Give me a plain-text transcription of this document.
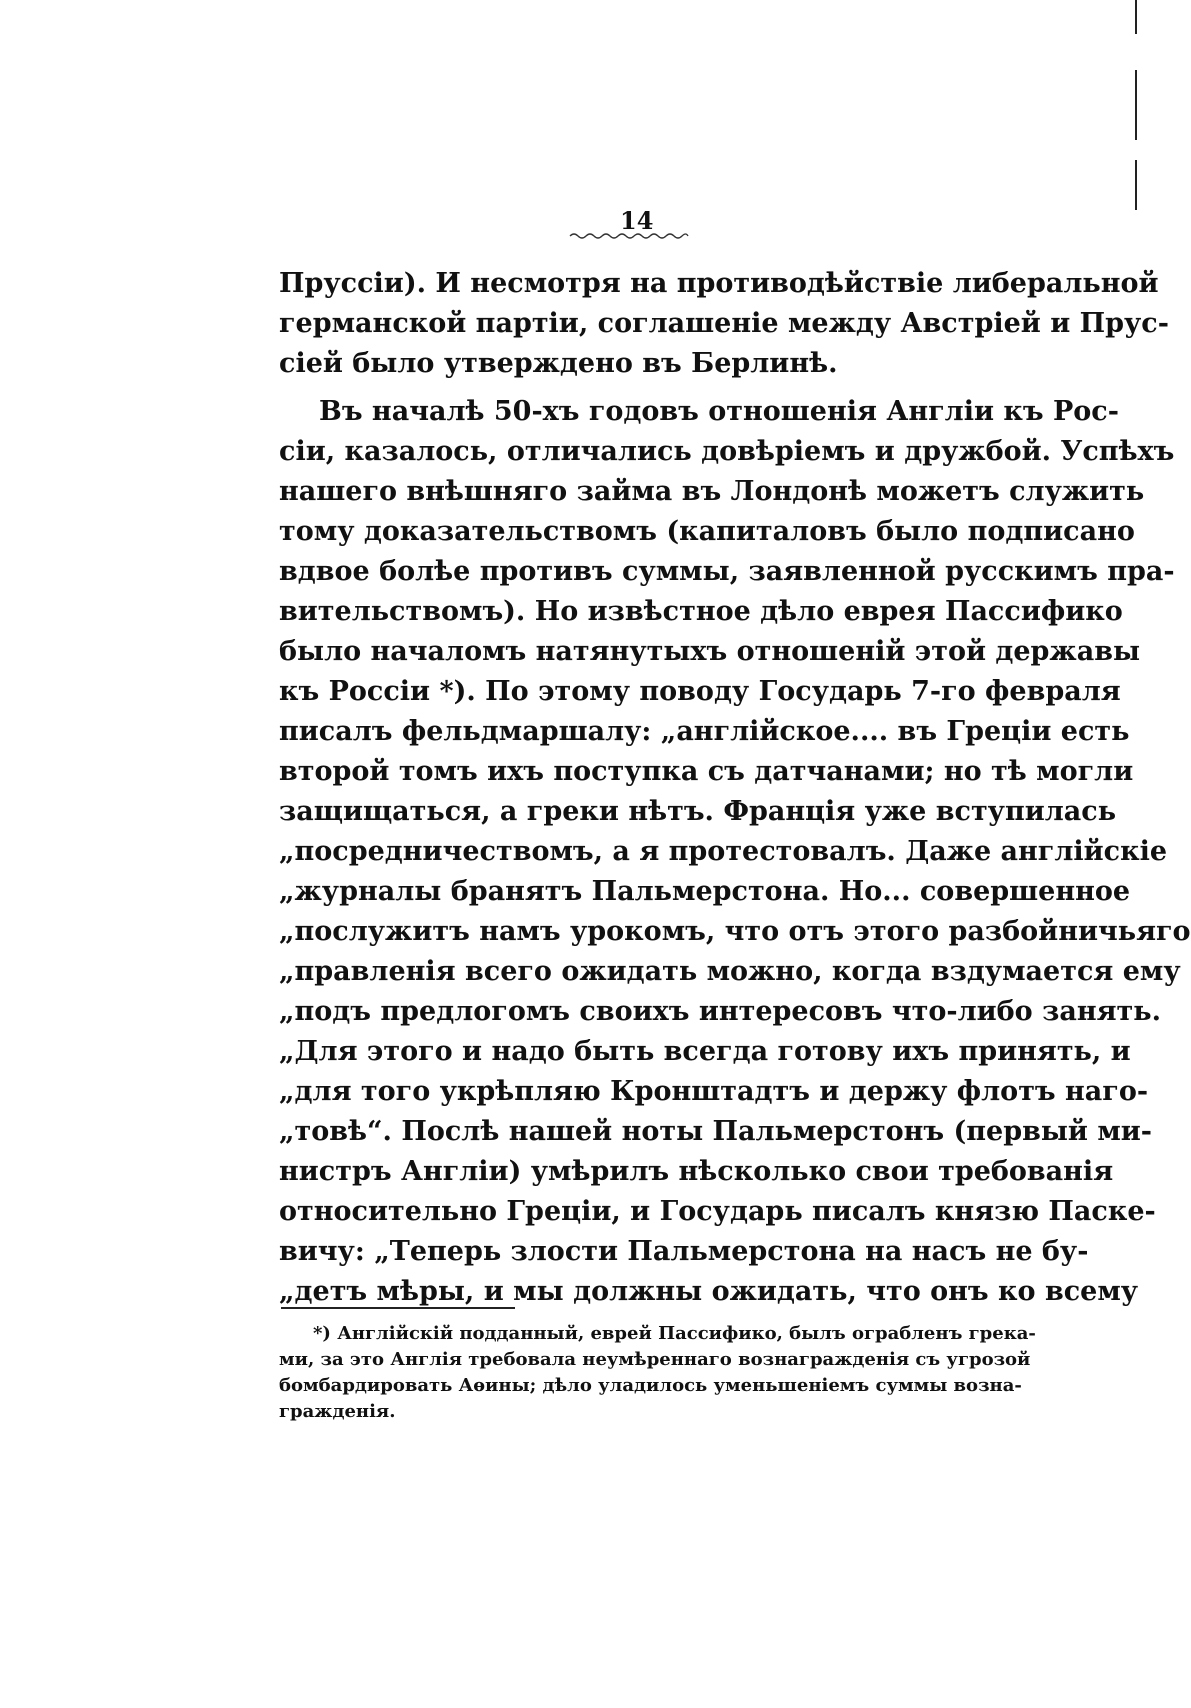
14
Пруссіи). И несмотря на противодѣйствіе либеральной
германской партіи, соглашеніе между Австріей и Прус-
сіей было утверждено въ Берлинѣ.
Въ началѣ 50-хъ годовъ отношенія Англіи къ Рос-
сіи, казалось, отличались довѣріемъ и дружбой. Успѣхъ
нашего внѣшняго займа въ Лондонѣ можетъ служить
тому доказательствомъ (капиталовъ было подписано
вдвое болѣе противъ суммы, заявленной русскимъ пра-
вительствомъ). Но извѣстное дѣло еврея Пассифико
было началомъ натянутыхъ отношеній этой державы
къ Россіи *). По этому поводу Государь 7-го февраля
писалъ фельдмаршалу: „англійское.... въ Греціи есть
второй томъ ихъ поступка съ датчанами; но тѣ могли
защищаться, а греки нѣтъ. Франція уже вступилась
„посредничествомъ, а я протестовалъ. Даже англійскіе
„журналы бранятъ Пальмерстона. Но... совершенное
„послужитъ намъ урокомъ, что отъ этого разбойничьяго
„правленія всего ожидать можно, когда вздумается ему
„подъ предлогомъ своихъ интересовъ что-либо занять.
„Для этого и надо быть всегда готову ихъ принять, и
„для того укрѣпляю Кронштадтъ и держу флотъ наго-
„товѣ“. Послѣ нашей ноты Пальмерстонъ (первый ми-
нистръ Англіи) умѣрилъ нѣсколько свои требованія
относительно Греціи, и Государь писалъ князю Паске-
вичу: „Теперь злости Пальмерстона на насъ не бу-
„детъ мѣры, и мы должны ожидать, что онъ ко всему
*) Англійскій подданный, еврей Пассифико, былъ ограбленъ грека-
ми, за это Англія требовала неумѣреннаго вознагражденія съ угрозой
бомбардировать Аѳины; дѣло уладилось уменьшеніемъ суммы возна-
гражденія.
